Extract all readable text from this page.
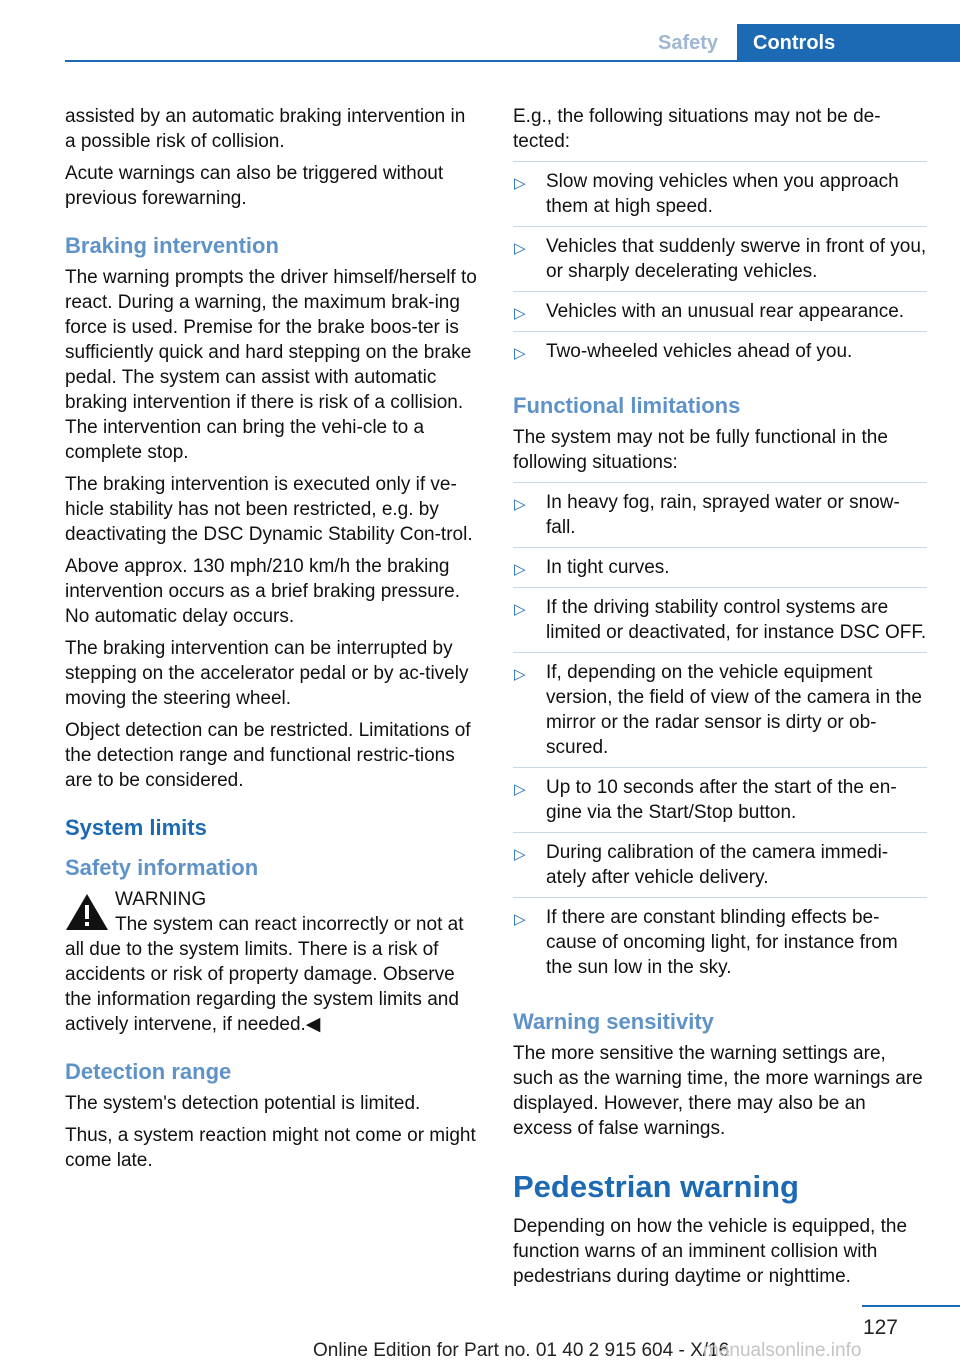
Safety	Controls

assisted by an automatic braking intervention in a possible risk of collision.

Acute warnings can also be triggered without previous forewarning.

Braking intervention

The warning prompts the driver himself/herself to react. During a warning, the maximum brak-ing force is used. Premise for the brake boos-ter is sufficiently quick and hard stepping on the brake pedal. The system can assist with automatic braking intervention if there is risk of a collision. The intervention can bring the vehi-cle to a complete stop.

The braking intervention is executed only if ve-hicle stability has not been restricted, e.g. by deactivating the DSC Dynamic Stability Con-trol.

Above approx. 130 mph/210 km/h the braking intervention occurs as a brief braking pressure. No automatic delay occurs.

The braking intervention can be interrupted by stepping on the accelerator pedal or by ac-tively moving the steering wheel.

Object detection can be restricted. Limitations of the detection range and functional restric-tions are to be considered.

System limits
Safety information
WARNING
The system can react incorrectly or not at all due to the system limits. There is a risk of accidents or risk of property damage. Observe the information regarding the system limits and actively intervene, if needed.◀
Detection range

The system's detection potential is limited.

Thus, a system reaction might not come or might come late.

E.g., the following situations may not be de-tected:

▷ Slow moving vehicles when you approach them at high speed.
▷ Vehicles that suddenly swerve in front of you, or sharply decelerating vehicles.
▷ Vehicles with an unusual rear appearance.
▷ Two-wheeled vehicles ahead of you.
Functional limitations

The system may not be fully functional in the following situations:

▷ In heavy fog, rain, sprayed water or snow-fall.
▷ In tight curves.
▷ If the driving stability control systems are limited or deactivated, for instance DSC OFF.
▷ If, depending on the vehicle equipment version, the field of view of the camera in the mirror or the radar sensor is dirty or ob-scured.
▷ Up to 10 seconds after the start of the en-gine via the Start/Stop button.
▷ During calibration of the camera immedi-ately after vehicle delivery.
▷ If there are constant blinding effects be-cause of oncoming light, for instance from the sun low in the sky.
Warning sensitivity

The more sensitive the warning settings are, such as the warning time, the more warnings are displayed. However, there may also be an excess of false warnings.

Pedestrian warning

Depending on how the vehicle is equipped, the function warns of an imminent collision with pedestrians during daytime or nighttime.

127
Online Edition for Part no. 01 40 2 915 604 - X/16
manualsonline.info
